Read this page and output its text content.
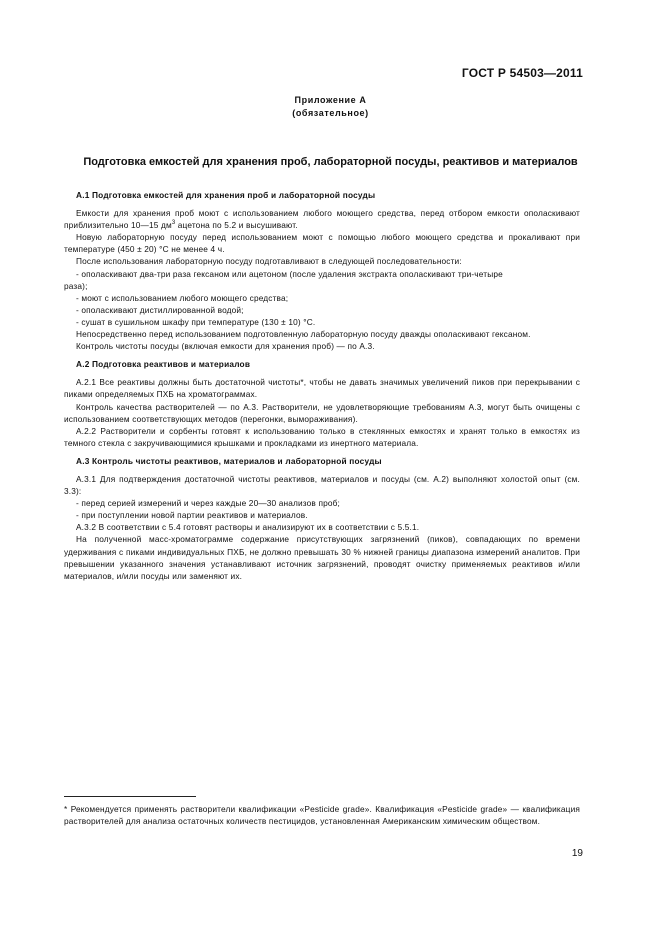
ГОСТ Р 54503—2011
Приложение А
(обязательное)
Подготовка емкостей для хранения проб, лабораторной посуды, реактивов и материалов
А.1 Подготовка емкостей для хранения проб и лабораторной посуды

Емкости для хранения проб моют с использованием любого моющего средства, перед отбором емкости ополаскивают приблизительно 10—15 $дм^3$ ацетона по 5.2 и высушивают.

Новую лабораторную посуду перед использованием моют с помощью любого моющего средства и прокаливают при температуре (450 ± 20) °С не менее 4 ч.

После использования лабораторную посуду подготавливают в следующей последовательности:

- ополаскивают два-три раза гексаном или ацетоном (после удаления экстракта ополаскивают три-четыре

раза);

- моют с использованием любого моющего средства;

- ополаскивают дистиллированной водой;

- сушат в сушильном шкафу при температуре (130 ± 10) °С.

Непосредственно перед использованием подготовленную лабораторную посуду дважды ополаскивают гексаном.

Контроль чистоты посуды (включая емкости для хранения проб) — по А.3.

А.2 Подготовка реактивов и материалов

А.2.1 Все реактивы должны быть достаточной чистоты*, чтобы не давать значимых увеличений пиков при перекрывании с пиками определяемых ПХБ на хроматограммах.

Контроль качества растворителей — по А.3. Растворители, не удовлетворяющие требованиям А.3, могут быть очищены с использованием соответствующих методов (перегонки, вымораживания).

А.2.2 Растворители и сорбенты готовят к использованию только в стеклянных емкостях и хранят только в емкостях из темного стекла с закручивающимися крышками и прокладками из инертного материала.

А.3 Контроль чистоты реактивов, материалов и лабораторной посуды

А.3.1 Для подтверждения достаточной чистоты реактивов, материалов и посуды (см. А.2) выполняют холостой опыт (см. 3.3):

- перед серией измерений и через каждые 20—30 анализов проб;

- при поступлении новой партии реактивов и материалов.

А.3.2 В соответствии с 5.4 готовят растворы и анализируют их в соответствии с 5.5.1.

На полученной масс-хроматограмме содержание присутствующих загрязнений (пиков), совпадающих по времени удерживания с пиками индивидуальных ПХБ, не должно превышать 30 % нижней границы диапазона измерений аналитов. При превышении указанного значения устанавливают источник загрязнений, проводят очистку применяемых реактивов и/или материалов, и/или посуды или заменяют их.

* Рекомендуется применять растворители квалификации «Pesticide grade». Квалификация «Pesticide grade» — квалификация растворителей для анализа остаточных количеств пестицидов, установленная Американским химическим обществом.
19
